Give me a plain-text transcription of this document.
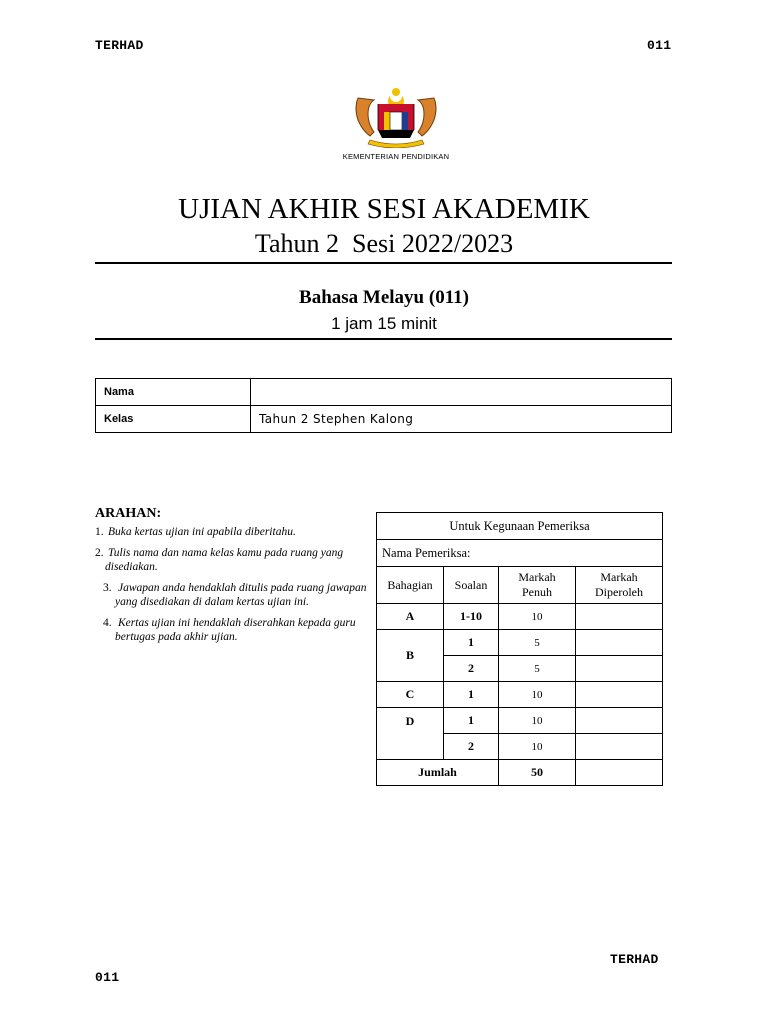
TERHAD	011
KEMENTERIAN PENDIDIKAN
UJIAN AKHIR SESI AKADEMIK
Tahun 2  Sesi 2022/2023
Bahasa Melayu (011)
1 jam 15 minit
Nama	
Kelas	Tahun 2 Stephen Kalong
ARAHAN:
1. Buka kertas ujian ini apabila diberitahu.
2. Tulis nama dan nama kelas kamu pada ruang yang disediakan.
3. Jawapan anda hendaklah ditulis pada ruang jawapan yang disediakan di dalam kertas ujian ini.
4. Kertas ujian ini hendaklah diserahkan kepada guru bertugas pada akhir ujian.
Untuk Kegunaan Pemeriksa			
Nama Pemeriksa:			
Bahagian	Soalan	Markah Penuh	Markah Diperoleh

A	1-10	10	
B	1	5	
	2	5	
C	1	10	
D	1	10	
	2	10	
Jumlah		50	
TERHAD
011
